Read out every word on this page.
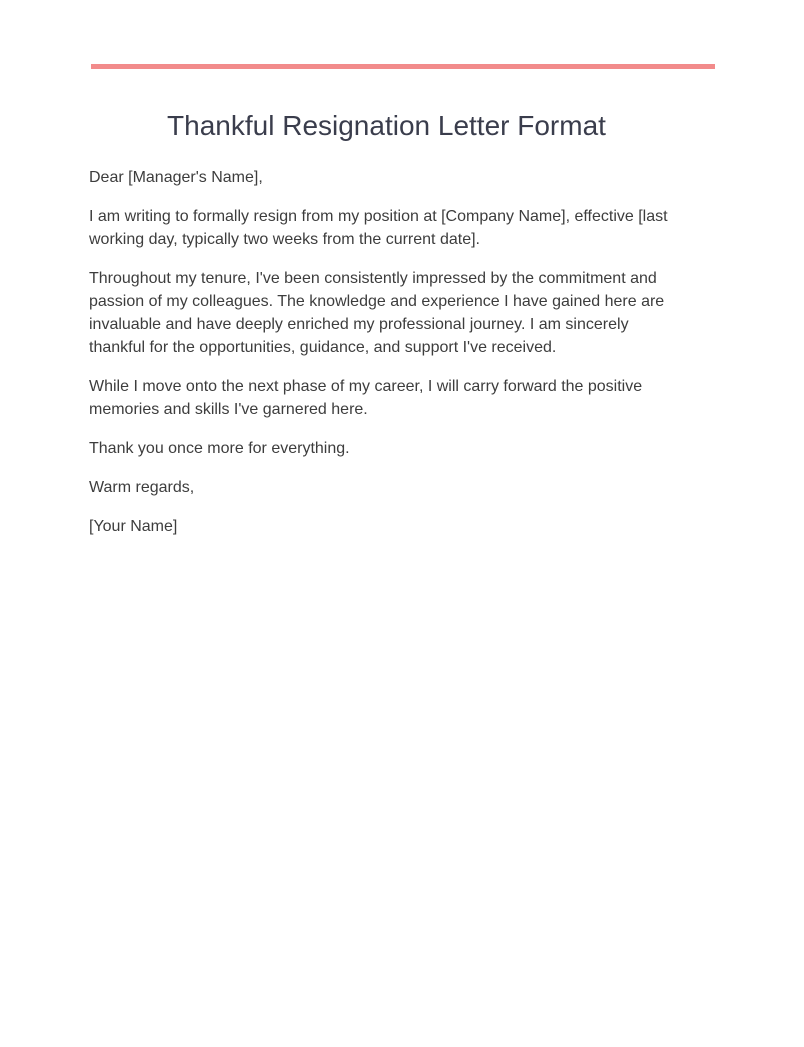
Thankful Resignation Letter Format

Dear [Manager's Name],

I am writing to formally resign from my position at [Company Name], effective [last working day, typically two weeks from the current date].

Throughout my tenure, I've been consistently impressed by the commitment and passion of my colleagues. The knowledge and experience I have gained here are invaluable and have deeply enriched my professional journey. I am sincerely thankful for the opportunities, guidance, and support I've received.

While I move onto the next phase of my career, I will carry forward the positive memories and skills I've garnered here.

Thank you once more for everything.

Warm regards,

[Your Name]
